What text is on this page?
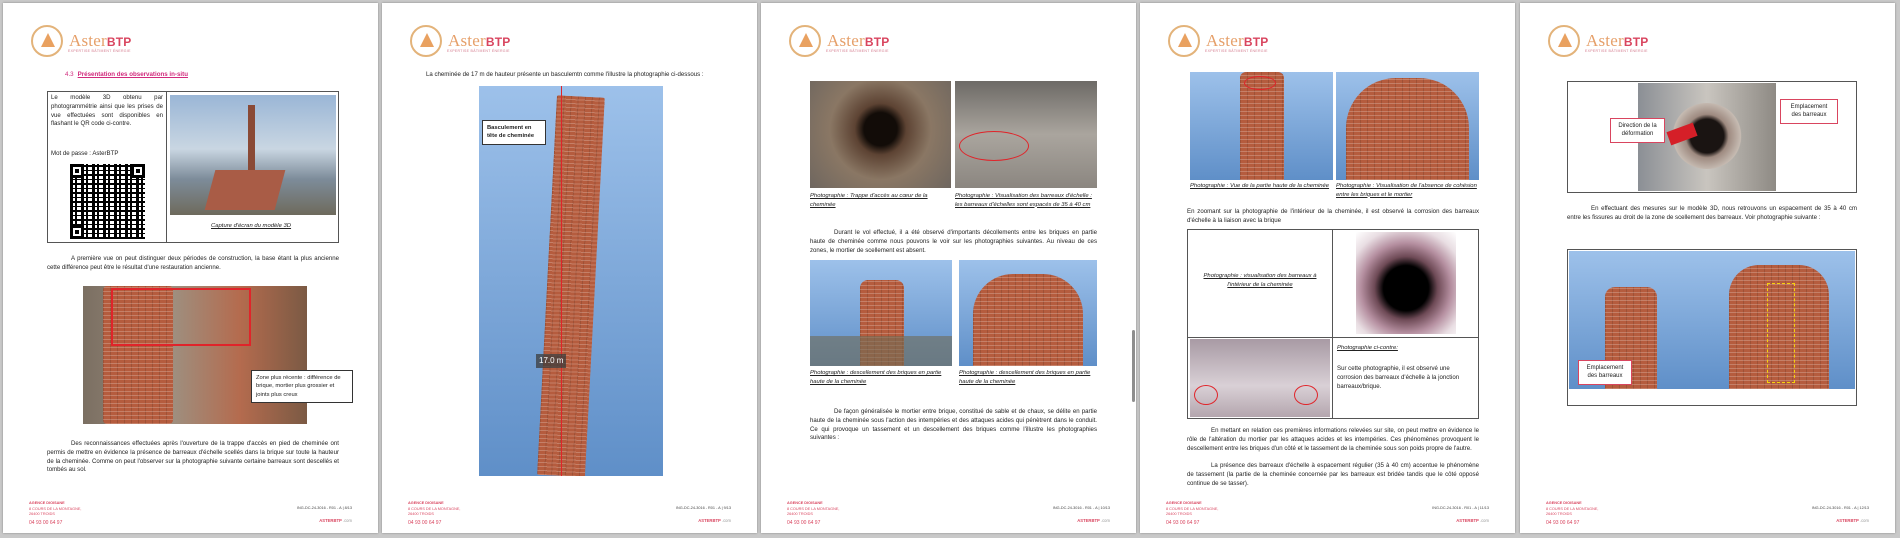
AsterBTP
EXPERTISE BÂTIMENT ÉNERGIE
4.3 Présentation des observations in-situ
Le modèle 3D obtenu par photogrammétrie ainsi que les prises de vue effectuées sont disponibles en flashant le QR code ci-contre.
Mot de passe : AsterBTP
Capture d'écran du modèle 3D
A première vue on peut distinguer deux périodes de construction, la base étant la plus ancienne cette différence peut être le résultat d'une restauration ancienne.
Zone plus récente : différence de brique, mortier plus grossier et joints plus creux
Des reconnaissances effectuées après l'ouverture de la trappe d'accès en pied de cheminée ont permis de mettre en évidence la présence de barreaux d'échelle scellés dans la brique sur toute la hauteur de la cheminée. Comme on peut l'observer sur la photographie suivante certaine barreaux sont descellés et tombés au sol.
AGENCE DIOISANE
8 COURS DE LA MONTAGNE,
26400 TROIDS
04 93 00 64 97
ING-DC-24-3016 - R01 - A | 8/13
ASTERBTP .com
AsterBTP
EXPERTISE BÂTIMENT ÉNERGIE
La cheminée de 17 m de hauteur présente un basculemtn comme l'illustre la photographie ci-dessous :
Basculement en tête de cheminée
17.0 m
AGENCE DIOISANE
8 COURS DE LA MONTAGNE,
26400 TROIDS
04 93 00 64 97
ING-DC-24-3016 - R01 - A | 9/13
ASTERBTP .com
AsterBTP
EXPERTISE BÂTIMENT ÉNERGIE
Photographie : Trappe d'accès au cœur de la cheminée
Photographie : Visualisation des barreaux d'échelle : les barreaux d'échelles sont espacés de 35 à 40 cm
Durant le vol effectué, il a été observé d'importants décollements entre les briques en partie haute de cheminée comme nous pouvons le voir sur les photographies suivantes. Au niveau de ces zones, le mortier de scellement est absent.
Photographie : descellement des briques en partie haute de la cheminée
Photographie : descellement des briques en partie haute de la cheminée
De façon généralisée le mortier entre brique, constitué de sable et de chaux, se délite en partie haute de la cheminée sous l'action des intempéries et des attaques acides qui pénètrent dans le conduit. Ce qui provoque un tassement et un descellement des briques comme l'illustre les photographies suivantes :
AGENCE DIOISANE
8 COURS DE LA MONTAGNE,
26400 TROIDS
04 93 00 64 97
ING-DC-24-3016 - R01 - A | 10/13
ASTERBTP .com
AsterBTP
EXPERTISE BÂTIMENT ÉNERGIE
Photographie : Vue de la partie haute de la cheminée	Photographie : Visualisation de l'absence de cohésion entre les briques et le mortier
En zoomant sur la photographie de l'intérieur de la cheminée, il est observé la corrosion des barreaux d'échelle à la liaison avec la brique
Photographie : visualisation des barreaux à l'intérieur de la cheminée
Photographie ci-contre:
Sur cette photographie, il est observé une corrosion des barreaux d'échelle à la jonction barreaux/brique.
En mettant en relation ces premières informations relevées sur site, on peut mettre en évidence le rôle de l'altération du mortier par les attaques acides et les intempéries. Ces phénomènes provoquent le descellement entre les briques d'un côté et le tassement de la cheminée sous son poids propre de l'autre.
La présence des barreaux d'échelle à espacement régulier (35 à 40 cm) accentue le phénomène de tassement (la partie de la cheminée concernée par les barreaux est bridée tandis que le côté opposé continue de se tasser).
AGENCE DIOISANE
8 COURS DE LA MONTAGNE,
26400 TROIDS
04 93 00 64 97
ING-DC-24-3016 - R01 - A | 11/13
ASTERBTP .com
AsterBTP
EXPERTISE BÂTIMENT ÉNERGIE
Direction de la déformation
Emplacement des barreaux
En effectuant des mesures sur le modèle 3D, nous retrouvons un espacement de 35 à 40 cm entre les fissures au droit de la zone de scellement des barreaux. Voir photographie suivante :
Emplacement des barreaux
AGENCE DIOISANE
8 COURS DE LA MONTAGNE,
26400 TROIDS
04 93 00 64 97
ING-DC-24-3016 - R01 - A | 12/13
ASTERBTP .com
